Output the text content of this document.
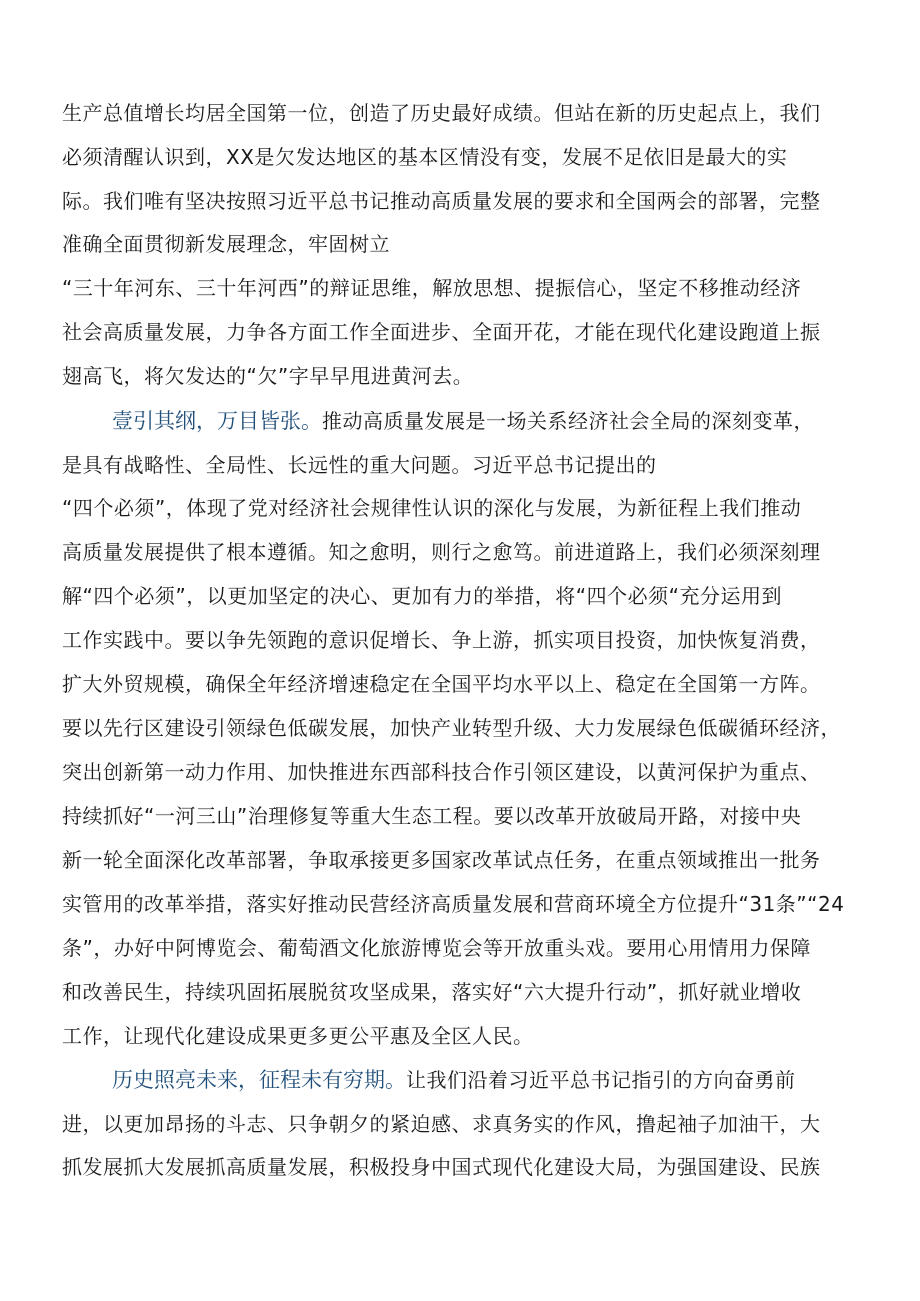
生产总值增长均居全国第一位，创造了历史最好成绩。但站在新的历史起点上，我们

必须清醒认识到，XX是欠发达地区的基本区情没有变，发展不足依旧是最大的实

际。我们唯有坚决按照习近平总书记推动高质量发展的要求和全国两会的部署，完整

准确全面贯彻新发展理念，牢固树立

“三十年河东、三十年河西”的辩证思维，解放思想、提振信心，坚定不移推动经济

社会高质量发展，力争各方面工作全面进步、全面开花，才能在现代化建设跑道上振

翅高飞，将欠发达的“欠”字早早甩进黄河去。

壹引其纲，万目皆张。推动高质量发展是一场关系经济社会全局的深刻变革，

是具有战略性、全局性、长远性的重大问题。习近平总书记提出的

“四个必须”，体现了党对经济社会规律性认识的深化与发展，为新征程上我们推动

高质量发展提供了根本遵循。知之愈明，则行之愈笃。前进道路上，我们必须深刻理

解“四个必须”，以更加坚定的决心、更加有力的举措，将“四个必须“充分运用到

工作实践中。要以争先领跑的意识促增长、争上游，抓实项目投资，加快恢复消费，

扩大外贸规模，确保全年经济增速稳定在全国平均水平以上、稳定在全国第一方阵。

要以先行区建设引领绿色低碳发展，加快产业转型升级、大力发展绿色低碳循环经济，

突出创新第一动力作用、加快推进东西部科技合作引领区建设，以黄河保护为重点、

持续抓好“一河三山”治理修复等重大生态工程。要以改革开放破局开路，对接中央

新一轮全面深化改革部署，争取承接更多国家改革试点任务，在重点领域推出一批务

实管用的改革举措，落实好推动民营经济高质量发展和营商环境全方位提升“31条”“24

条”，办好中阿博览会、葡萄酒文化旅游博览会等开放重头戏。要用心用情用力保障

和改善民生，持续巩固拓展脱贫攻坚成果，落实好“六大提升行动”，抓好就业增收

工作，让现代化建设成果更多更公平惠及全区人民。

历史照亮未来，征程未有穷期。让我们沿着习近平总书记指引的方向奋勇前

进，以更加昂扬的斗志、只争朝夕的紧迫感、求真务实的作风，撸起袖子加油干，大

抓发展抓大发展抓高质量发展，积极投身中国式现代化建设大局，为强国建设、民族
